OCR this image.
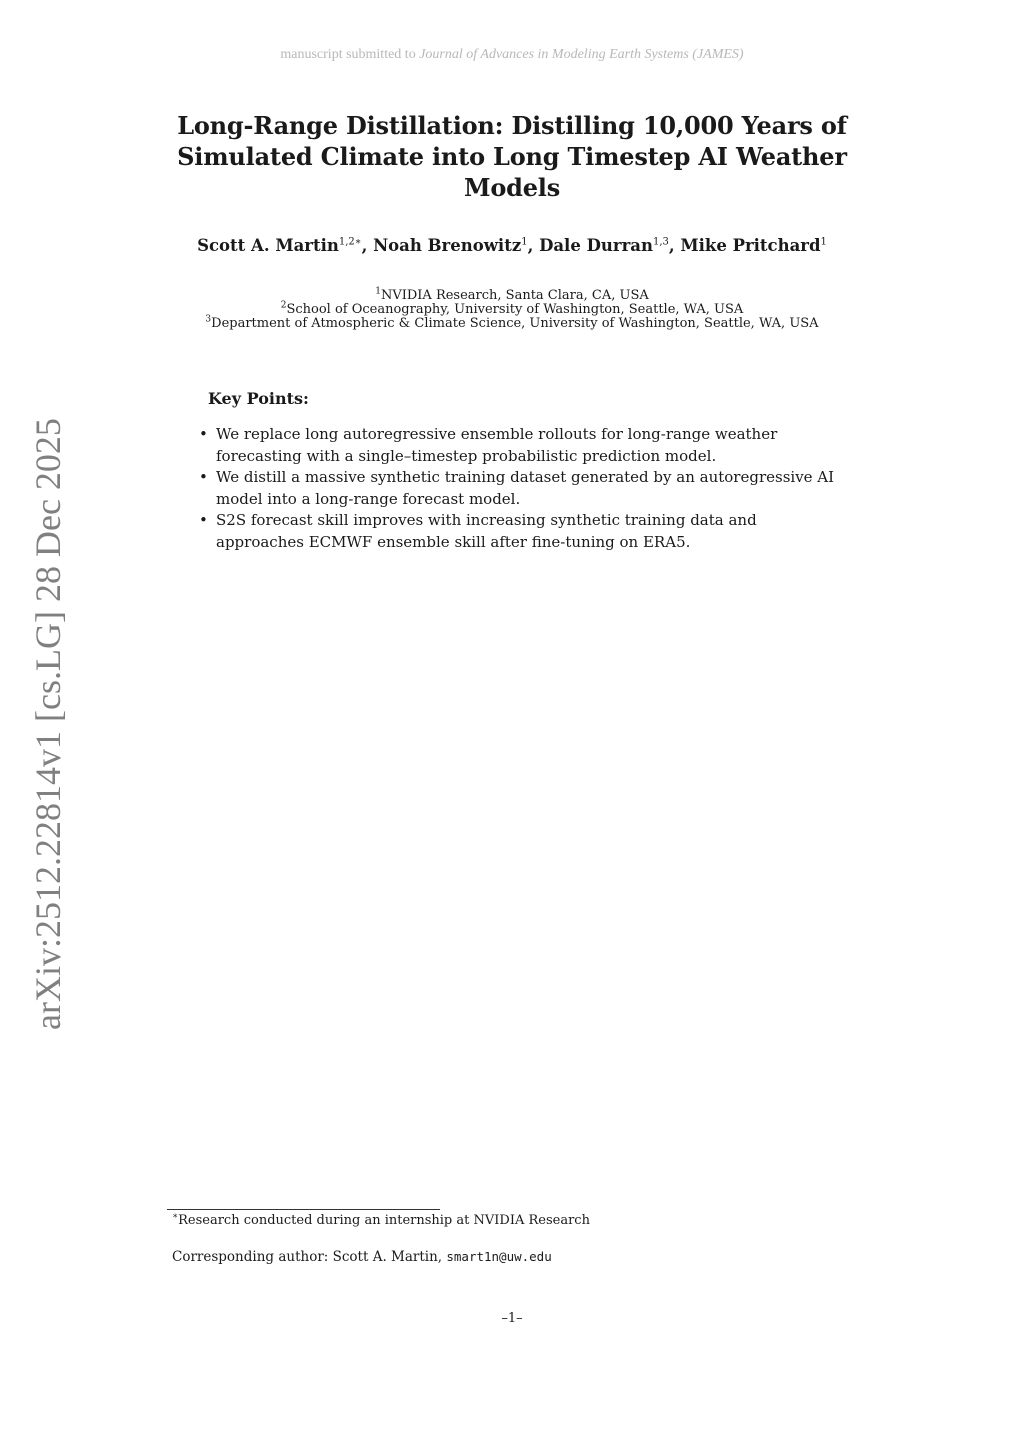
manuscript submitted to Journal of Advances in Modeling Earth Systems (JAMES)
Long-Range Distillation: Distilling 10,000 Years of Simulated Climate into Long Timestep AI Weather Models
Scott A. Martin$^{1,2∗}$, Noah Brenowitz$^1$, Dale Durran$^{1,3}$, Mike Pritchard$^1$
$^1$NVIDIA Research, Santa Clara, CA, USA
$^2$School of Oceanography, University of Washington, Seattle, WA, USA
$^3$Department of Atmospheric & Climate Science, University of Washington, Seattle, WA, USA
Key Points:
• We replace long autoregressive ensemble rollouts for long-range weather forecasting with a single–timestep probabilistic prediction model.
• We distill a massive synthetic training dataset generated by an autoregressive AI model into a long-range forecast model.
• S2S forecast skill improves with increasing synthetic training data and approaches ECMWF ensemble skill after fine-tuning on ERA5.
arXiv:2512.22814v1 [cs.LG] 28 Dec 2025
∗Research conducted during an internship at NVIDIA Research
Corresponding author: Scott A. Martin, smart1n@uw.edu
–1–
